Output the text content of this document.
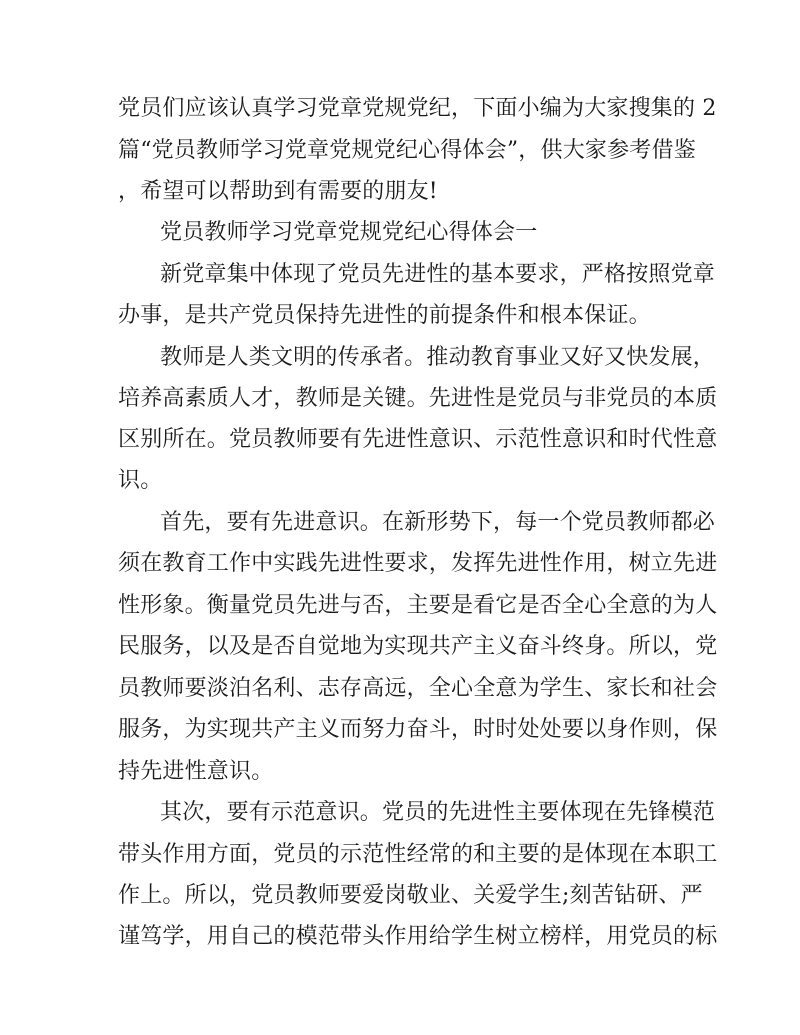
党员们应该认真学习党章党规党纪，下面小编为大家搜集的 2
篇“党员教师学习党章党规党纪心得体会”，供大家参考借鉴
，希望可以帮助到有需要的朋友!
党员教师学习党章党规党纪心得体会一
新党章集中体现了党员先进性的基本要求，严格按照党章
办事，是共产党员保持先进性的前提条件和根本保证。
教师是人类文明的传承者。推动教育事业又好又快发展，
培养高素质人才，教师是关键。先进性是党员与非党员的本质
区别所在。党员教师要有先进性意识、示范性意识和时代性意
识。
首先，要有先进意识。在新形势下，每一个党员教师都必
须在教育工作中实践先进性要求，发挥先进性作用，树立先进
性形象。衡量党员先进与否，主要是看它是否全心全意的为人
民服务，以及是否自觉地为实现共产主义奋斗终身。所以，党
员教师要淡泊名利、志存高远，全心全意为学生、家长和社会
服务，为实现共产主义而努力奋斗，时时处处要以身作则，保
持先进性意识。
其次，要有示范意识。党员的先进性主要体现在先锋模范
带头作用方面，党员的示范性经常的和主要的是体现在本职工
作上。所以，党员教师要爱岗敬业、关爱学生;刻苦钻研、严
谨笃学，用自己的模范带头作用给学生树立榜样，用党员的标
